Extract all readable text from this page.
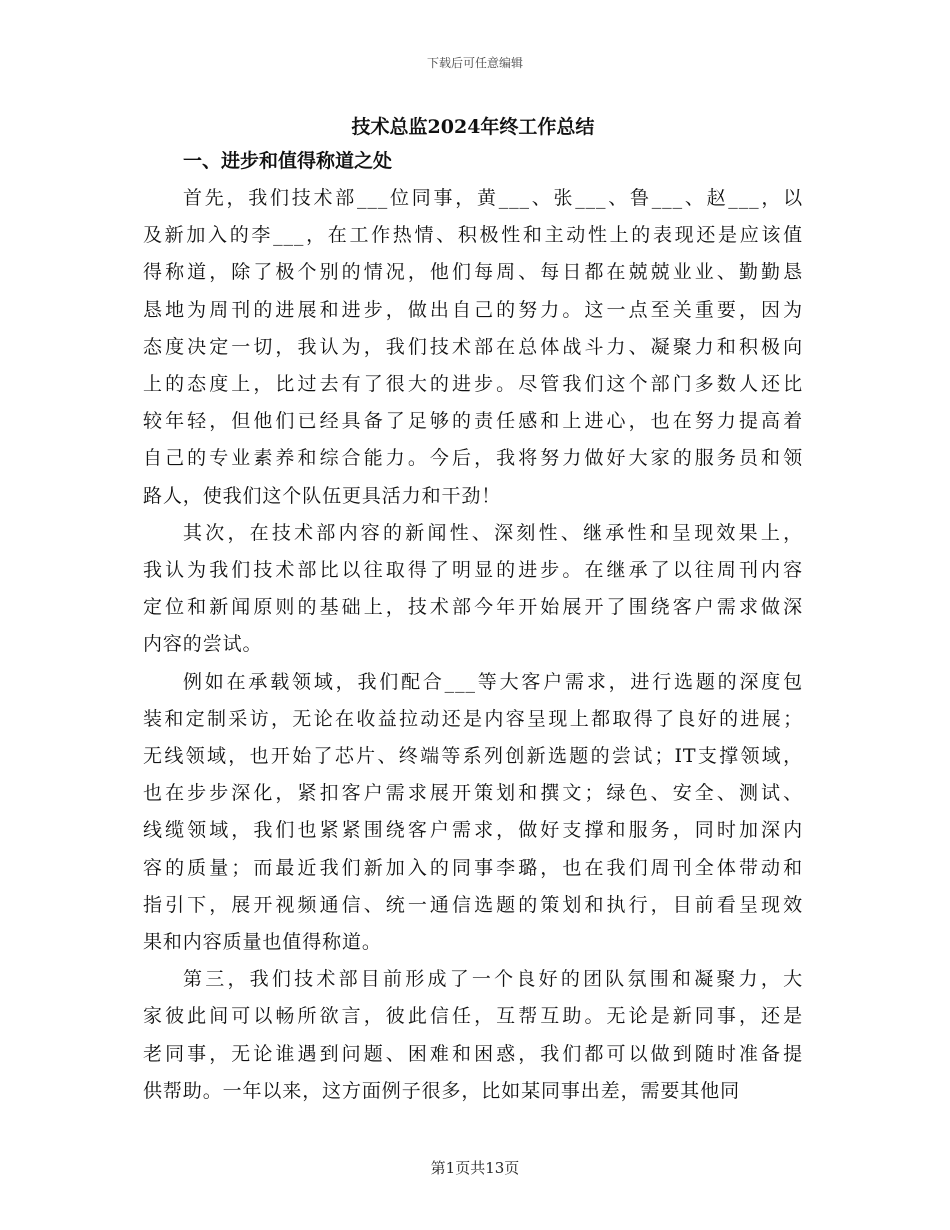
下载后可任意编辑
技术总监2024年终工作总结
一、进步和值得称道之处

首先，我们技术部___位同事，黄___、张___、鲁___、赵___，以
及新加入的李___，在工作热情、积极性和主动性上的表现还是应该值
得称道，除了极个别的情况，他们每周、每日都在兢兢业业、勤勤恳
恳地为周刊的进展和进步，做出自己的努力。这一点至关重要，因为
态度决定一切，我认为，我们技术部在总体战斗力、凝聚力和积极向
上的态度上，比过去有了很大的进步。尽管我们这个部门多数人还比
较年轻，但他们已经具备了足够的责任感和上进心，也在努力提高着
自己的专业素养和综合能力。今后，我将努力做好大家的服务员和领
路人，使我们这个队伍更具活力和干劲！

其次，在技术部内容的新闻性、深刻性、继承性和呈现效果上，
我认为我们技术部比以往取得了明显的进步。在继承了以往周刊内容
定位和新闻原则的基础上，技术部今年开始展开了围绕客户需求做深
内容的尝试。

例如在承载领域，我们配合___等大客户需求，进行选题的深度包
装和定制采访，无论在收益拉动还是内容呈现上都取得了良好的进展；
无线领域，也开始了芯片、终端等系列创新选题的尝试；IT支撑领域，
也在步步深化，紧扣客户需求展开策划和撰文；绿色、安全、测试、
线缆领域，我们也紧紧围绕客户需求，做好支撑和服务，同时加深内
容的质量；而最近我们新加入的同事李璐，也在我们周刊全体带动和
指引下，展开视频通信、统一通信选题的策划和执行，目前看呈现效
果和内容质量也值得称道。

第三，我们技术部目前形成了一个良好的团队氛围和凝聚力，大
家彼此间可以畅所欲言，彼此信任，互帮互助。无论是新同事，还是
老同事，无论谁遇到问题、困难和困惑，我们都可以做到随时准备提
供帮助。一年以来，这方面例子很多，比如某同事出差，需要其他同

第1页共13页
